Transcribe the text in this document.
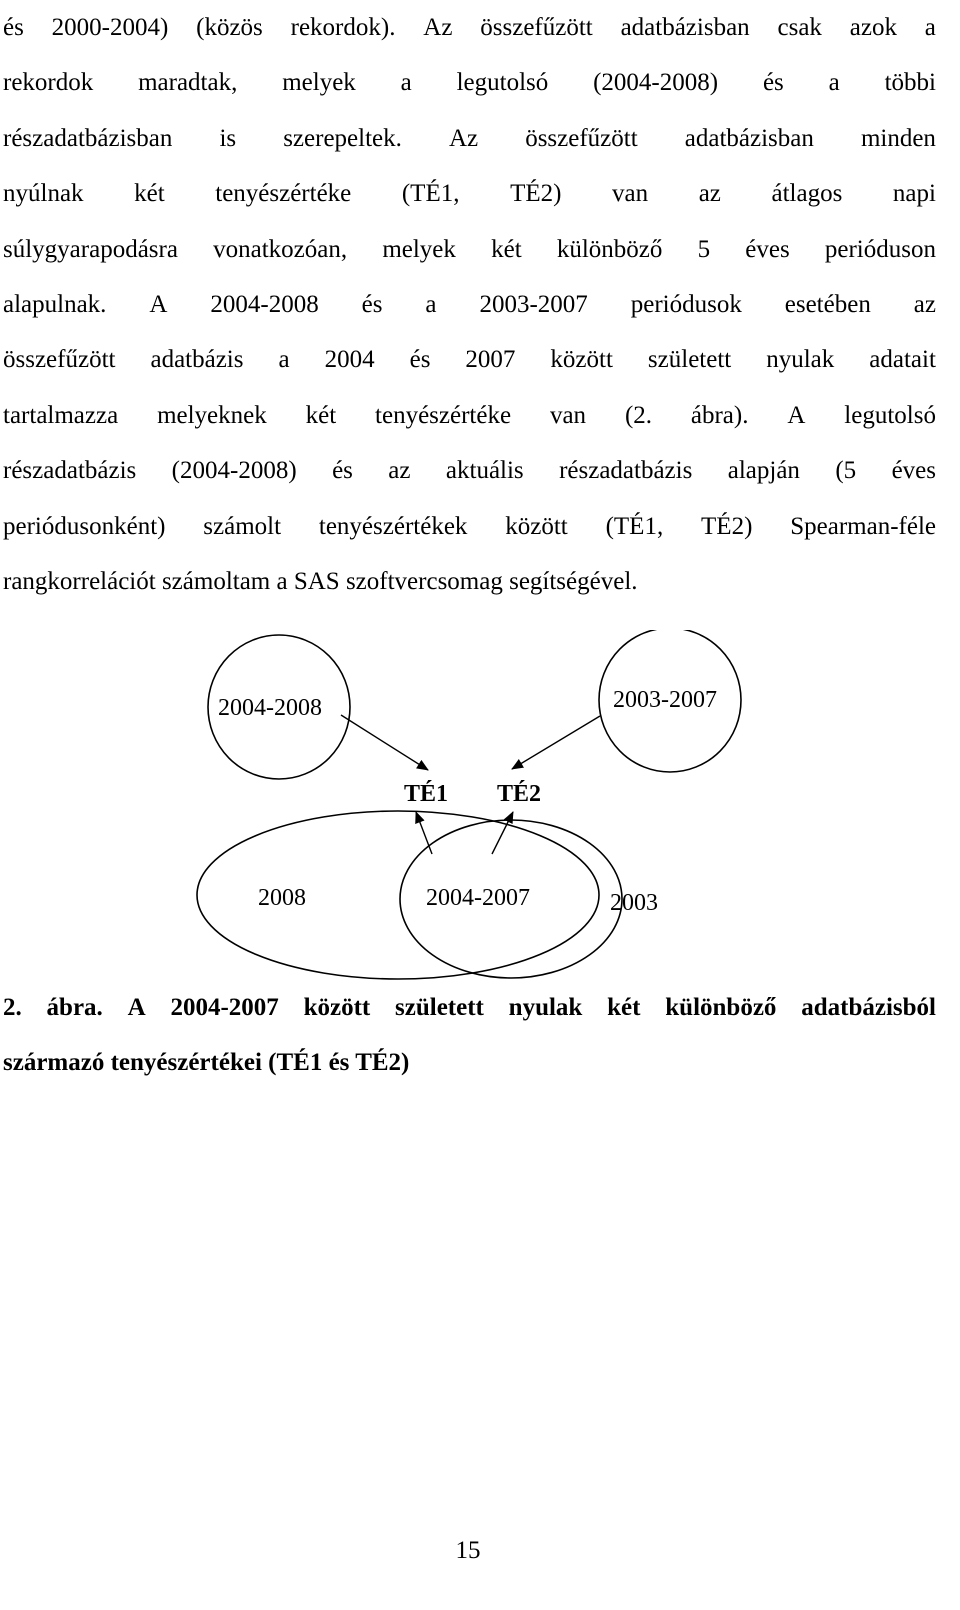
és 2000-2004) (közös rekordok). Az összefűzött adatbázisban csak azok a
rekordok maradtak, melyek a legutolsó (2004-2008) és a többi
részadatbázisban is szerepeltek. Az összefűzött adatbázisban minden
nyúlnak két tenyészértéke (TÉ1, TÉ2) van az átlagos napi
súlygyarapodásra vonatkozóan, melyek két különböző 5 éves perióduson
alapulnak. A 2004-2008 és a 2003-2007 periódusok esetében az
összefűzött adatbázis a 2004 és 2007 között született nyulak adatait
tartalmazza melyeknek két tenyészértéke van (2. ábra). A legutolsó
részadatbázis (2004-2008) és az aktuális részadatbázis alapján (5 éves
periódusonként) számolt tenyészértékek között (TÉ1, TÉ2) Spearman-féle
rangkorrelációt számoltam a SAS szoftvercsomag segítségével.
2004-2008	2003-2007
TÉ1 TÉ2
2008	2004-2007	2003
2. ábra. A 2004-2007 között született nyulak két különböző adatbázisból
származó tenyészértékei (TÉ1 és TÉ2)
15
